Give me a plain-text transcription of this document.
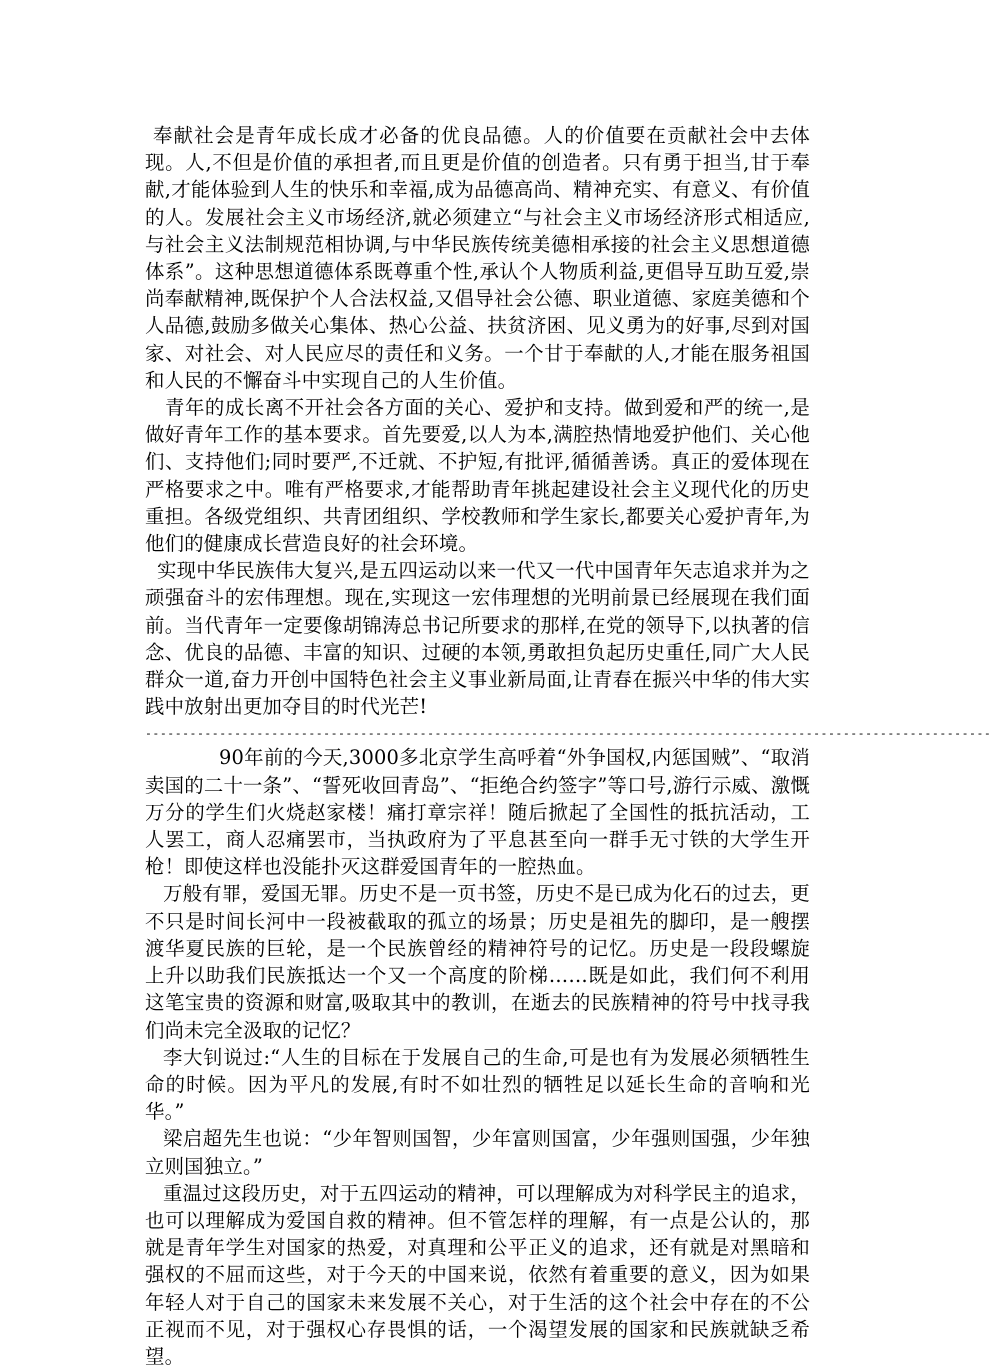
奉献社会是青年成长成才必备的优良品德。人的价值要在贡献社会中去体现。人,不但是价值的承担者,而且更是价值的创造者。只有勇于担当,甘于奉献,才能体验到人生的快乐和幸福,成为品德高尚、精神充实、有意义、有价值的人。发展社会主义市场经济,就必须建立“与社会主义市场经济形式相适应,与社会主义法制规范相协调,与中华民族传统美德相承接的社会主义思想道德体系”。这种思想道德体系既尊重个性,承认个人物质利益,更倡导互助互爱,崇尚奉献精神,既保护个人合法权益,又倡导社会公德、职业道德、家庭美德和个人品德,鼓励多做关心集体、热心公益、扶贫济困、见义勇为的好事,尽到对国家、对社会、对人民应尽的责任和义务。一个甘于奉献的人,才能在服务祖国和人民的不懈奋斗中实现自己的人生价值。

青年的成长离不开社会各方面的关心、爱护和支持。做到爱和严的统一,是做好青年工作的基本要求。首先要爱,以人为本,满腔热情地爱护他们、关心他们、支持他们;同时要严,不迁就、不护短,有批评,循循善诱。真正的爱体现在严格要求之中。唯有严格要求,才能帮助青年挑起建设社会主义现代化的历史重担。各级党组织、共青团组织、学校教师和学生家长,都要关心爱护青年,为他们的健康成长营造良好的社会环境。

实现中华民族伟大复兴,是五四运动以来一代又一代中国青年矢志追求并为之顽强奋斗的宏伟理想。现在,实现这一宏伟理想的光明前景已经展现在我们面前。当代青年一定要像胡锦涛总书记所要求的那样,在党的领导下,以执著的信念、优良的品德、丰富的知识、过硬的本领,勇敢担负起历史重任,同广大人民群众一道,奋力开创中国特色社会主义事业新局面,让青春在振兴中华的伟大实践中放射出更加夺目的时代光芒!

------------------------------------------------------------------------------------------------------------------

90年前的今天,3000多北京学生高呼着“外争国权,内惩国贼”、“取消卖国的二十一条”、“誓死收回青岛”、“拒绝合约签字”等口号,游行示威、激慨万分的学生们火烧赵家楼！痛打章宗祥！随后掀起了全国性的抵抗活动，工人罢工，商人忍痛罢市，当执政府为了平息甚至向一群手无寸铁的大学生开枪！即使这样也没能扑灭这群爱国青年的一腔热血。

万般有罪，爱国无罪。历史不是一页书签，历史不是已成为化石的过去，更不只是时间长河中一段被截取的孤立的场景；历史是祖先的脚印，是一艘摆渡华夏民族的巨轮，是一个民族曾经的精神符号的记忆。历史是一段段螺旋上升以助我们民族抵达一个又一个高度的阶梯……既是如此，我们何不利用这笔宝贵的资源和财富,吸取其中的教训，在逝去的民族精神的符号中找寻我们尚未完全汲取的记忆？

李大钊说过:“人生的目标在于发展自己的生命,可是也有为发展必须牺牲生命的时候。因为平凡的发展,有时不如壮烈的牺牲足以延长生命的音响和光华。”

梁启超先生也说：“少年智则国智，少年富则国富，少年强则国强，少年独立则国独立。”

重温过这段历史，对于五四运动的精神，可以理解成为对科学民主的追求，也可以理解成为爱国自救的精神。但不管怎样的理解，有一点是公认的，那就是青年学生对国家的热爱，对真理和公平正义的追求，还有就是对黑暗和强权的不屈而这些，对于今天的中国来说，依然有着重要的意义，因为如果年轻人对于自己的国家未来发展不关心，对于生活的这个社会中存在的不公正视而不见，对于强权心存畏惧的话，一个渴望发展的国家和民族就缺乏希望。
